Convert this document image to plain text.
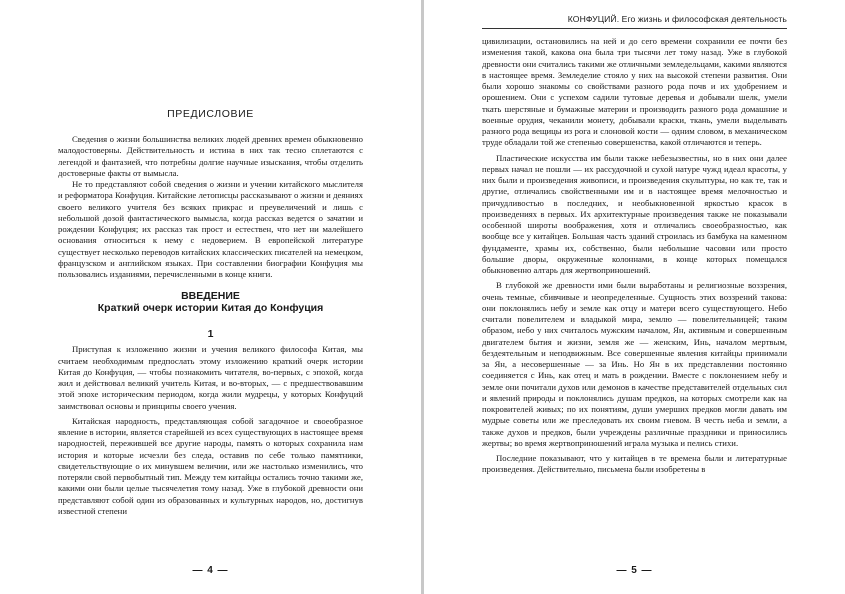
ПРЕДИСЛОВИЕ

Сведения о жизни большинства великих людей древних времен обыкновенно малодостоверны. Действительность и истина в них так тесно сплетаются с легендой и фантазией, что потребны долгие научные изыскания, чтобы отделить достоверные факты от вымысла.

Не то представляют собой сведения о жизни и учении китайского мыслителя и реформатора Конфуция. Китайские летописцы рассказывают о жизни и деяниях своего великого учителя без всяких прикрас и преувеличений и лишь с небольшой дозой фантастического вымысла, когда рассказ ведется о зачатии и рождении Конфуция; их рассказ так прост и естествен, что нет ни малейшего основания относиться к нему с недоверием. В европейской литературе существует несколько переводов китайских классических писателей на немецком, французском и английском языках. При составлении биографии Конфуция мы пользовались изданиями, перечисленными в конце книги.

ВВЕДЕНИЕ
Краткий очерк истории Китая до Конфуция
1

Приступая к изложению жизни и учения великого философа Китая, мы считаем необходимым предпослать этому изложению краткий очерк истории Китая до Конфуция, — чтобы познакомить читателя, во-первых, с эпохой, когда жил и действовал великий учитель Китая, и во-вторых, — с предшествовавшим этой эпохе историческим периодом, когда жили мудрецы, у которых Конфуций заимствовал основы и принципы своего учения.

Китайская народность, представляющая собой загадочное и своеобразное явление в истории, является старейшей из всех существующих в настоящее время народностей, пережившей все другие народы, память о которых сохранила нам история и которые исчезли без следа, оставив по себе только памятники, свидетельствующие о их минувшем величии, или же настолько изменились, что потеряли свой первобытный тип. Между тем китайцы остались точно такими же, какими они были целые тысячелетия тому назад. Уже в глубокой древности они представляют собой один из образованных и культурных народов, но, достигнув известной степени

— 4 —
КОНФУЦИЙ. Его жизнь и философская деятельность

цивилизации, остановились на ней и до сего времени сохранили ее почти без изменения такой, какова она была три тысячи лет тому назад. Уже в глубокой древности они считались такими же отличными земледельцами, какими являются в настоящее время. Земледелие стояло у них на высокой степени развития. Они были хорошо знакомы со свойствами разного рода почв и их удобрением и орошением. Они с успехом садили тутовые деревья и добывали шелк, умели ткать шерстяные и бумажные материи и производить разного рода домашние и военные орудия, чеканили монету, добывали краски, ткань, умели выделывать разного рода вещицы из рога и слоновой кости — одним словом, в механическом труде обладали той же степенью совершенства, какой отличаются и теперь.

Пластические искусства им были также небезызвестны, но в них они далее первых начал не пошли — их рассудочной и сухой натуре чужд идеал красоты, у них были и произведения живописи, и произведения скульптуры, но как те, так и другие, отличались свойственными им и в настоящее время мелочностью и причудливостью в последних, и необыкновенной яркостью красок в произведениях в первых. Их архитектурные произведения также не показывали особенной широты воображения, хотя и отличались своеобразностью, как вообще все у китайцев. Большая часть зданий строилась из бамбука на каменном фундаменте, храмы их, собственно, были небольшие часовни или просто большие дворы, окруженные колоннами, в конце которых помещался обыкновенно алтарь для жертвоприношений.

В глубокой же древности ими были выработаны и религиозные воззрения, очень темные, сбивчивые и неопределенные. Сущность этих воззрений такова: они поклонялись небу и земле как отцу и матери всего существующего. Небо считали повелителем и владыкой мира, землю — повелительницей; таким образом, небо у них считалось мужским началом, Ян, активным и совершенным двигателем бытия и жизни, земля же — женским, Инь, началом мертвым, бездеятельным и неподвижным. Все совершенные явления китайцы принимали за Ян, а несовершенные — за Инь. Но Ян в их представлении постоянно соединяется с Инь, как отец и мать в рождении. Вместе с поклонением небу и земле они почитали духов или демонов в качестве представителей отдельных сил и явлений природы и поклонялись душам предков, на которых смотрели как на покровителей живых; по их понятиям, души умерших предков могли давать им мудрые советы или же преследовать их своим гневом. В честь неба и земли, а также духов и предков, были учреждены различные праздники и приносились жертвы; во время жертвоприношений играла музыка и пелись стихи.

Последние показывают, что у китайцев в те времена были и литературные произведения. Действительно, письмена были изобретены в

— 5 —
